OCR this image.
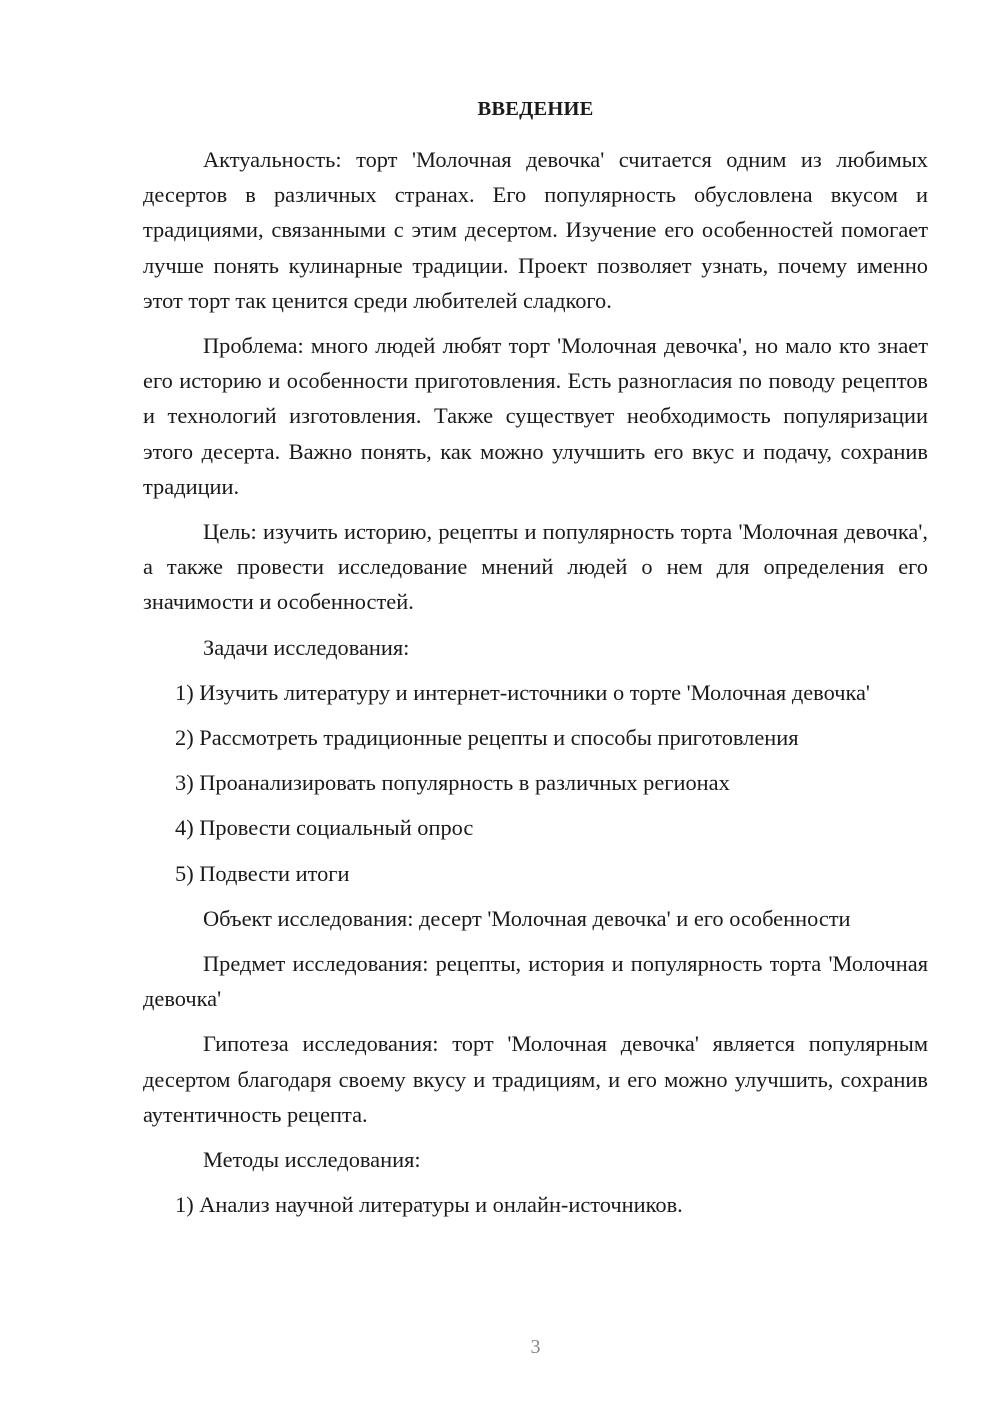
ВВЕДЕНИЕ

Актуальность: торт 'Молочная девочка' считается одним из любимых десертов в различных странах. Его популярность обусловлена вкусом и традициями, связанными с этим десертом. Изучение его особенностей помогает лучше понять кулинарные традиции. Проект позволяет узнать, почему именно этот торт так ценится среди любителей сладкого.

Проблема: много людей любят торт 'Молочная девочка', но мало кто знает его историю и особенности приготовления. Есть разногласия по поводу рецептов и технологий изготовления. Также существует необходимость популяризации этого десерта. Важно понять, как можно улучшить его вкус и подачу, сохранив традиции.

Цель: изучить историю, рецепты и популярность торта 'Молочная девочка', а также провести исследование мнений людей о нем для определения его значимости и особенностей.

Задачи исследования:

1) Изучить литературу и интернет-источники о торте 'Молочная девочка'

2) Рассмотреть традиционные рецепты и способы приготовления

3) Проанализировать популярность в различных регионах

4) Провести социальный опрос

5) Подвести итоги

Объект исследования: десерт 'Молочная девочка' и его особенности

Предмет исследования: рецепты, история и популярность торта 'Молочная девочка'

Гипотеза исследования: торт 'Молочная девочка' является популярным десертом благодаря своему вкусу и традициям, и его можно улучшить, сохранив аутентичность рецепта.

Методы исследования:

1) Анализ научной литературы и онлайн-источников.

3
